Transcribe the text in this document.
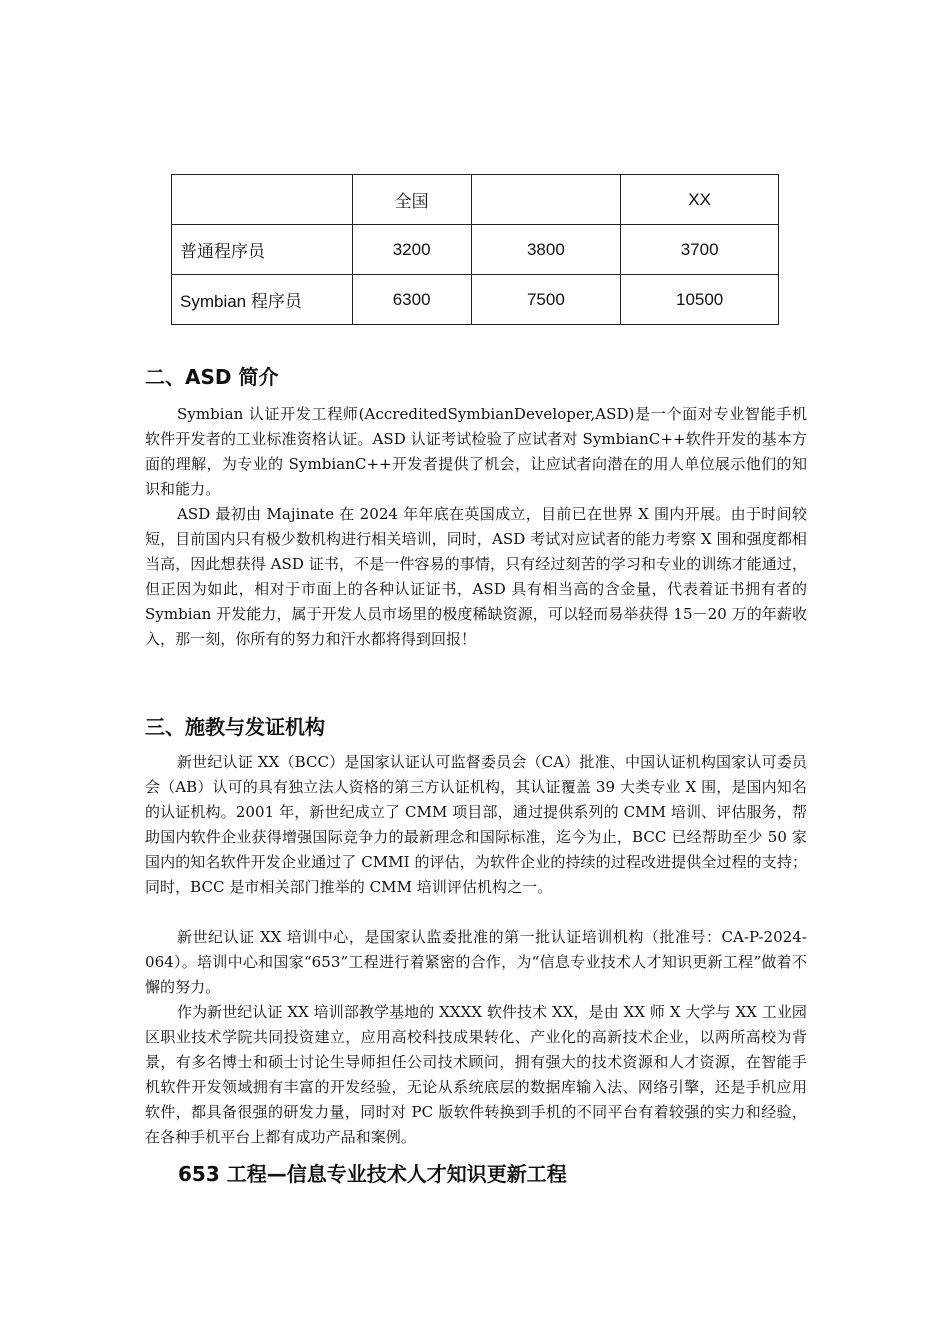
	全国		XX
普通程序员	3200	3800	3700
Symbian 程序员	6300	7500	10500
二、ASD 简介

Symbian 认证开发工程师(AccreditedSymbianDeveloper,ASD)是一个面对专业智能手机软件开发者的工业标准资格认证。ASD 认证考试检验了应试者对 SymbianC++软件开发的基本方面的理解，为专业的 SymbianC++开发者提供了机会，让应试者向潜在的用人单位展示他们的知识和能力。

ASD 最初由 Majinate 在 2024 年年底在英国成立，目前已在世界 X 围内开展。由于时间较短，目前国内只有极少数机构进行相关培训，同时，ASD 考试对应试者的能力考察 X 围和强度都相当高，因此想获得 ASD 证书，不是一件容易的事情，只有经过刻苦的学习和专业的训练才能通过，但正因为如此，相对于市面上的各种认证证书，ASD 具有相当高的含金量，代表着证书拥有者的 Symbian 开发能力，属于开发人员市场里的极度稀缺资源，可以轻而易举获得 15－20 万的年薪收入，那一刻，你所有的努力和汗水都将得到回报！

三、施教与发证机构

新世纪认证 XX（BCC）是国家认证认可监督委员会（CA）批准、中国认证机构国家认可委员会（AB）认可的具有独立法人资格的第三方认证机构，其认证覆盖 39 大类专业 X 围，是国内知名的认证机构。2001 年，新世纪成立了 CMM 项目部，通过提供系列的 CMM 培训、评估服务，帮助国内软件企业获得增强国际竞争力的最新理念和国际标准，迄今为止，BCC 已经帮助至少 50 家国内的知名软件开发企业通过了 CMMI 的评估，为软件企业的持续的过程改进提供全过程的支持；同时，BCC 是市相关部门推举的 CMM 培训评估机构之一。

新世纪认证 XX 培训中心，是国家认监委批准的第一批认证培训机构（批准号：CA-P-2024-064）。培训中心和国家“653”工程进行着紧密的合作，为“信息专业技术人才知识更新工程”做着不懈的努力。

作为新世纪认证 XX 培训部教学基地的 XXXX 软件技术 XX，是由 XX 师 X 大学与 XX 工业园区职业技术学院共同投资建立，应用高校科技成果转化、产业化的高新技术企业，以两所高校为背景，有多名博士和硕士讨论生导师担任公司技术顾问，拥有强大的技术资源和人才资源，在智能手机软件开发领域拥有丰富的开发经验，无论从系统底层的数据库输入法、网络引擎，还是手机应用软件，都具备很强的研发力量，同时对 PC 版软件转换到手机的不同平台有着较强的实力和经验，在各种手机平台上都有成功产品和案例。

653 工程—信息专业技术人才知识更新工程
